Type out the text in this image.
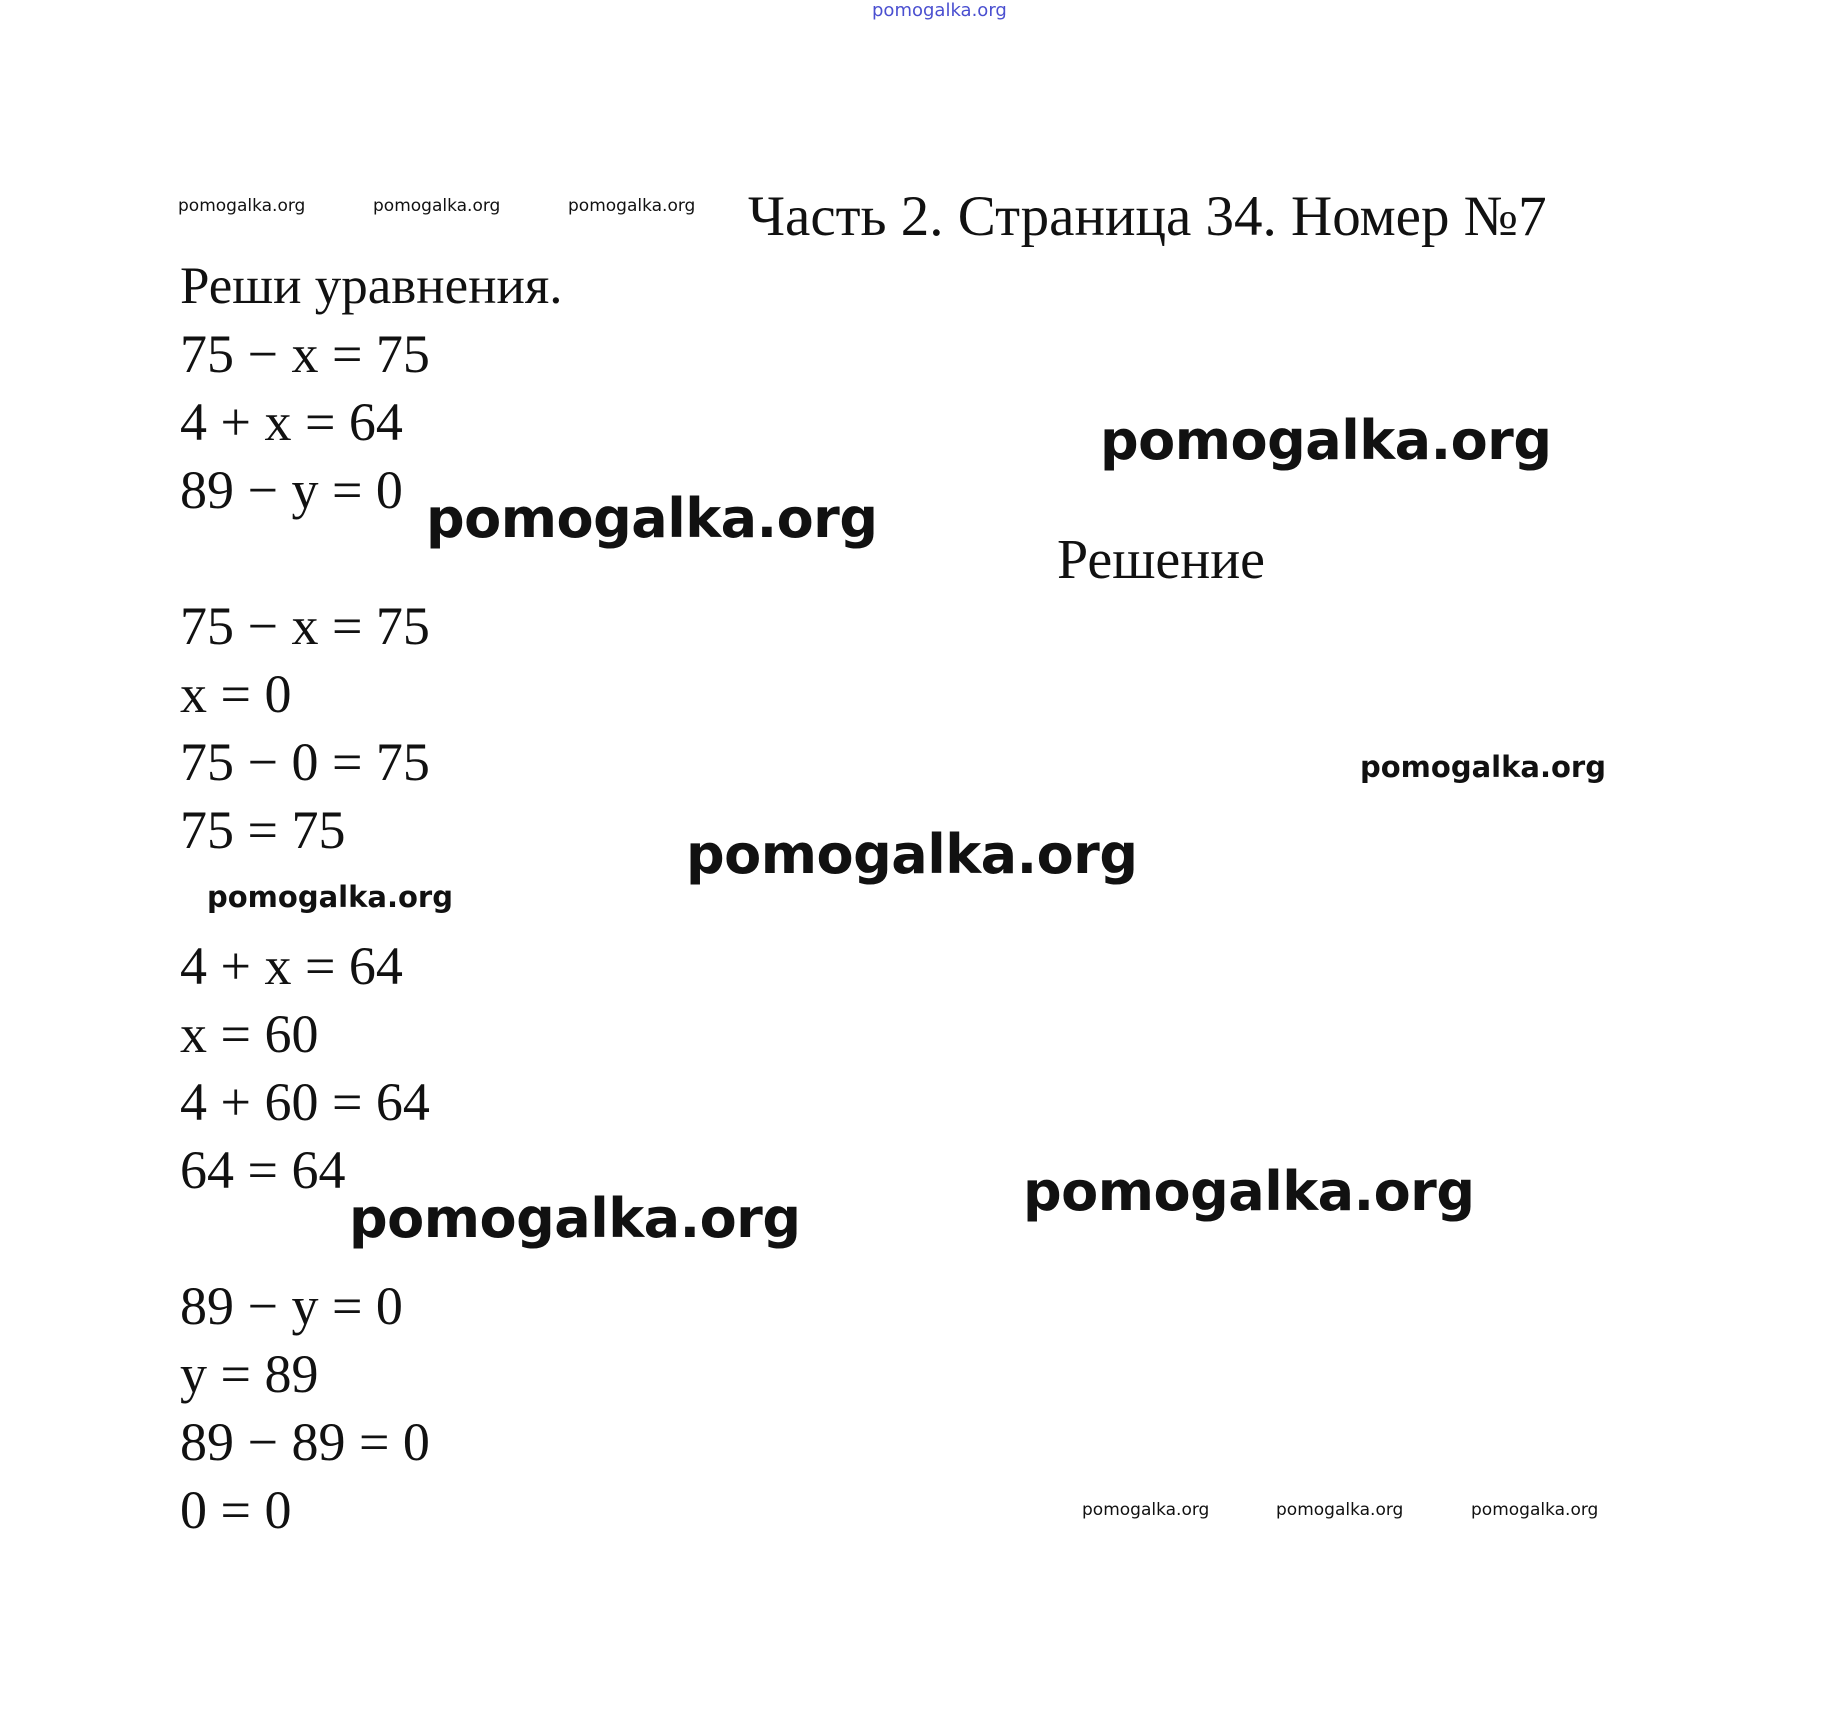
pomogalka.org
pomogalka.org	pomogalka.org	pomogalka.org Часть 2. Страница 34. Номер №7
Реши уравнения.
75 − x = 75
4 + x = 64
89 − y = 0
pomogalka.org
pomogalka.org
Решение
75 − x = 75
x = 0
75 − 0 = 75
75 = 75
pomogalka.org
pomogalka.org
pomogalka.org
4 + x = 64
x = 60
4 + 60 = 64
64 = 64	pomogalka.org
pomogalka.org
89 − y = 0
y = 89
89 − 89 = 0
0 = 0	pomogalka.org	pomogalka.org	pomogalka.org
